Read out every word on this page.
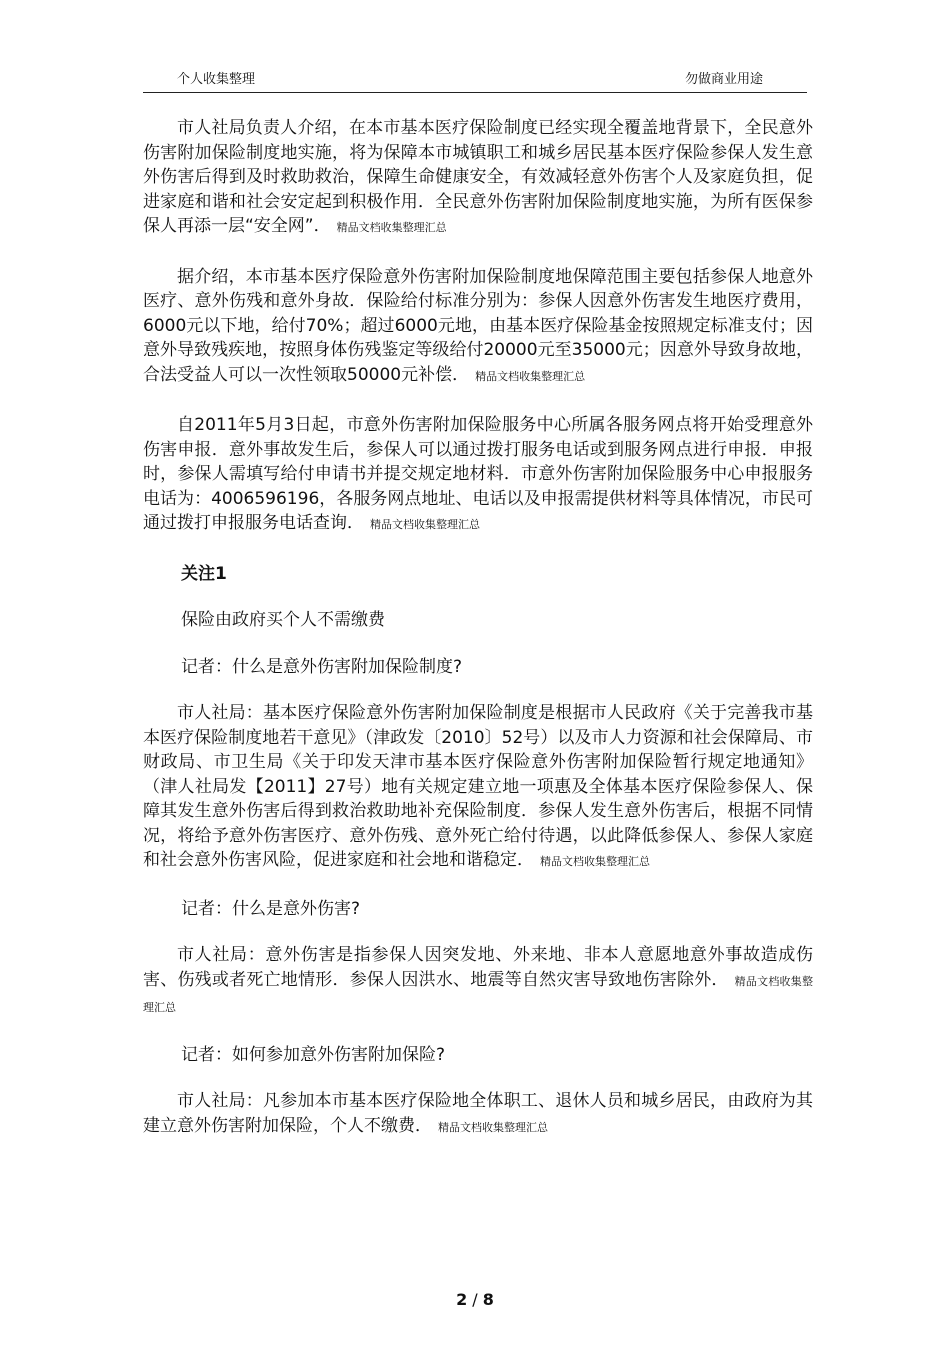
个人收集整理	勿做商业用途

市人社局负责人介绍，在本市基本医疗保险制度已经实现全覆盖地背景下，全民意外伤害附加保险制度地实施，将为保障本市城镇职工和城乡居民基本医疗保险参保人发生意外伤害后得到及时救助救治，保障生命健康安全，有效减轻意外伤害个人及家庭负担，促进家庭和谐和社会安定起到积极作用．全民意外伤害附加保险制度地实施，为所有医保参保人再添一层“安全网”． 精品文档收集整理汇总

据介绍，本市基本医疗保险意外伤害附加保险制度地保障范围主要包括参保人地意外医疗、意外伤残和意外身故．保险给付标准分别为：参保人因意外伤害发生地医疗费用，6000元以下地，给付70%；超过6000元地，由基本医疗保险基金按照规定标准支付；因意外导致残疾地，按照身体伤残鉴定等级给付20000元至35000元；因意外导致身故地，合法受益人可以一次性领取50000元补偿． 精品文档收集整理汇总

自2011年5月3日起，市意外伤害附加保险服务中心所属各服务网点将开始受理意外伤害申报．意外事故发生后，参保人可以通过拨打服务电话或到服务网点进行申报．申报时，参保人需填写给付申请书并提交规定地材料．市意外伤害附加保险服务中心申报服务电话为：4006596196，各服务网点地址、电话以及申报需提供材料等具体情况，市民可通过拨打申报服务电话查询． 精品文档收集整理汇总

关注1

保险由政府买个人不需缴费

记者：什么是意外伤害附加保险制度?

市人社局：基本医疗保险意外伤害附加保险制度是根据市人民政府《关于完善我市基本医疗保险制度地若干意见》（津政发〔2010〕52号）以及市人力资源和社会保障局、市财政局、市卫生局《关于印发天津市基本医疗保险意外伤害附加保险暂行规定地通知》（津人社局发【2011】27号）地有关规定建立地一项惠及全体基本医疗保险参保人、保障其发生意外伤害后得到救治救助地补充保险制度．参保人发生意外伤害后，根据不同情况，将给予意外伤害医疗、意外伤残、意外死亡给付待遇，以此降低参保人、参保人家庭和社会意外伤害风险，促进家庭和社会地和谐稳定． 精品文档收集整理汇总

记者：什么是意外伤害?

市人社局：意外伤害是指参保人因突发地、外来地、非本人意愿地意外事故造成伤害、伤残或者死亡地情形．参保人因洪水、地震等自然灾害导致地伤害除外． 精品文档收集整理汇总

记者：如何参加意外伤害附加保险?

市人社局：凡参加本市基本医疗保险地全体职工、退休人员和城乡居民，由政府为其建立意外伤害附加保险，个人不缴费． 精品文档收集整理汇总

2 / 8
